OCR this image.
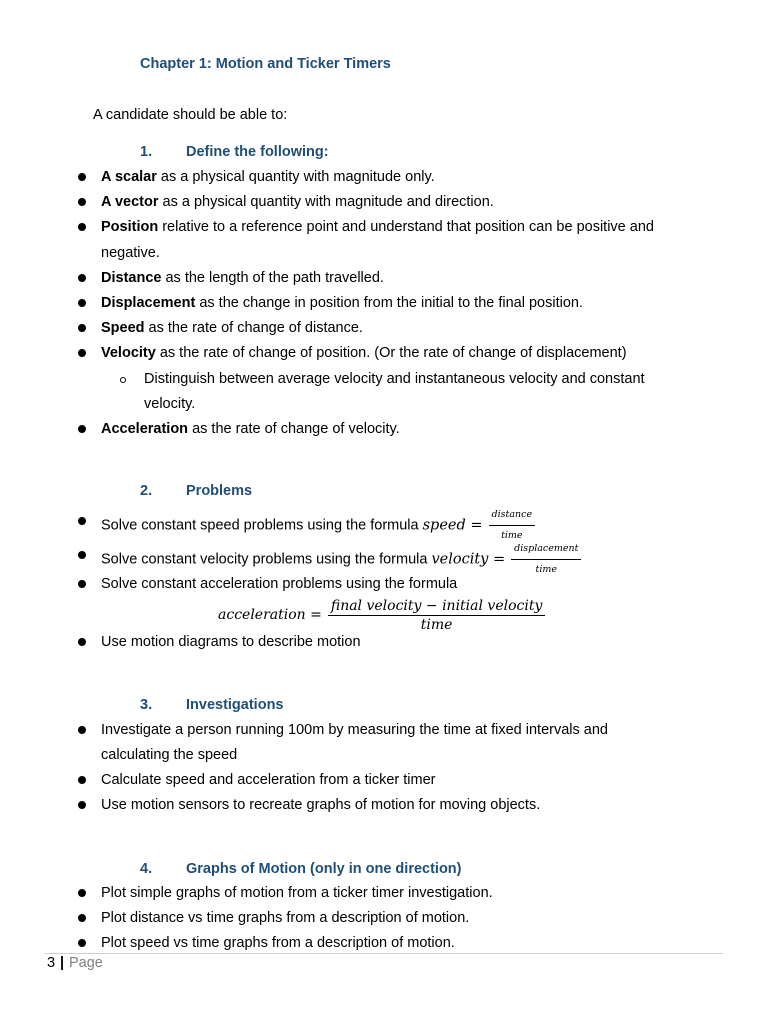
Chapter 1: Motion and Ticker Timers
A candidate should be able to:
1. Define the following:
A scalar as a physical quantity with magnitude only.
A vector as a physical quantity with magnitude and direction.
Position relative to a reference point and understand that position can be positive and
negative.
Distance as the length of the path travelled.
Displacement as the change in position from the initial to the final position.
Speed as the rate of change of distance.
Velocity as the rate of change of position. (Or the rate of change of displacement)
Distinguish between average velocity and instantaneous velocity and constant
velocity.
Acceleration as the rate of change of velocity.
2. Problems
Solve constant speed problems using the formula speed = $\frac{\text{distance}}{\text{time}}$
Solve constant velocity problems using the formula velocity = $\frac{\text{displacement}}{\text{time}}$
Solve constant acceleration problems using the formula
acceleration = $\frac{\text{final velocity − initial velocity}}{\text{time}}$
Use motion diagrams to describe motion
3. Investigations
Investigate a person running 100m by measuring the time at fixed intervals and
calculating the speed
Calculate speed and acceleration from a ticker timer
Use motion sensors to recreate graphs of motion for moving objects.
4. Graphs of Motion (only in one direction)
Plot simple graphs of motion from a ticker timer investigation.
Plot distance vs time graphs from a description of motion.
Plot speed vs time graphs from a description of motion.
3 | Page
